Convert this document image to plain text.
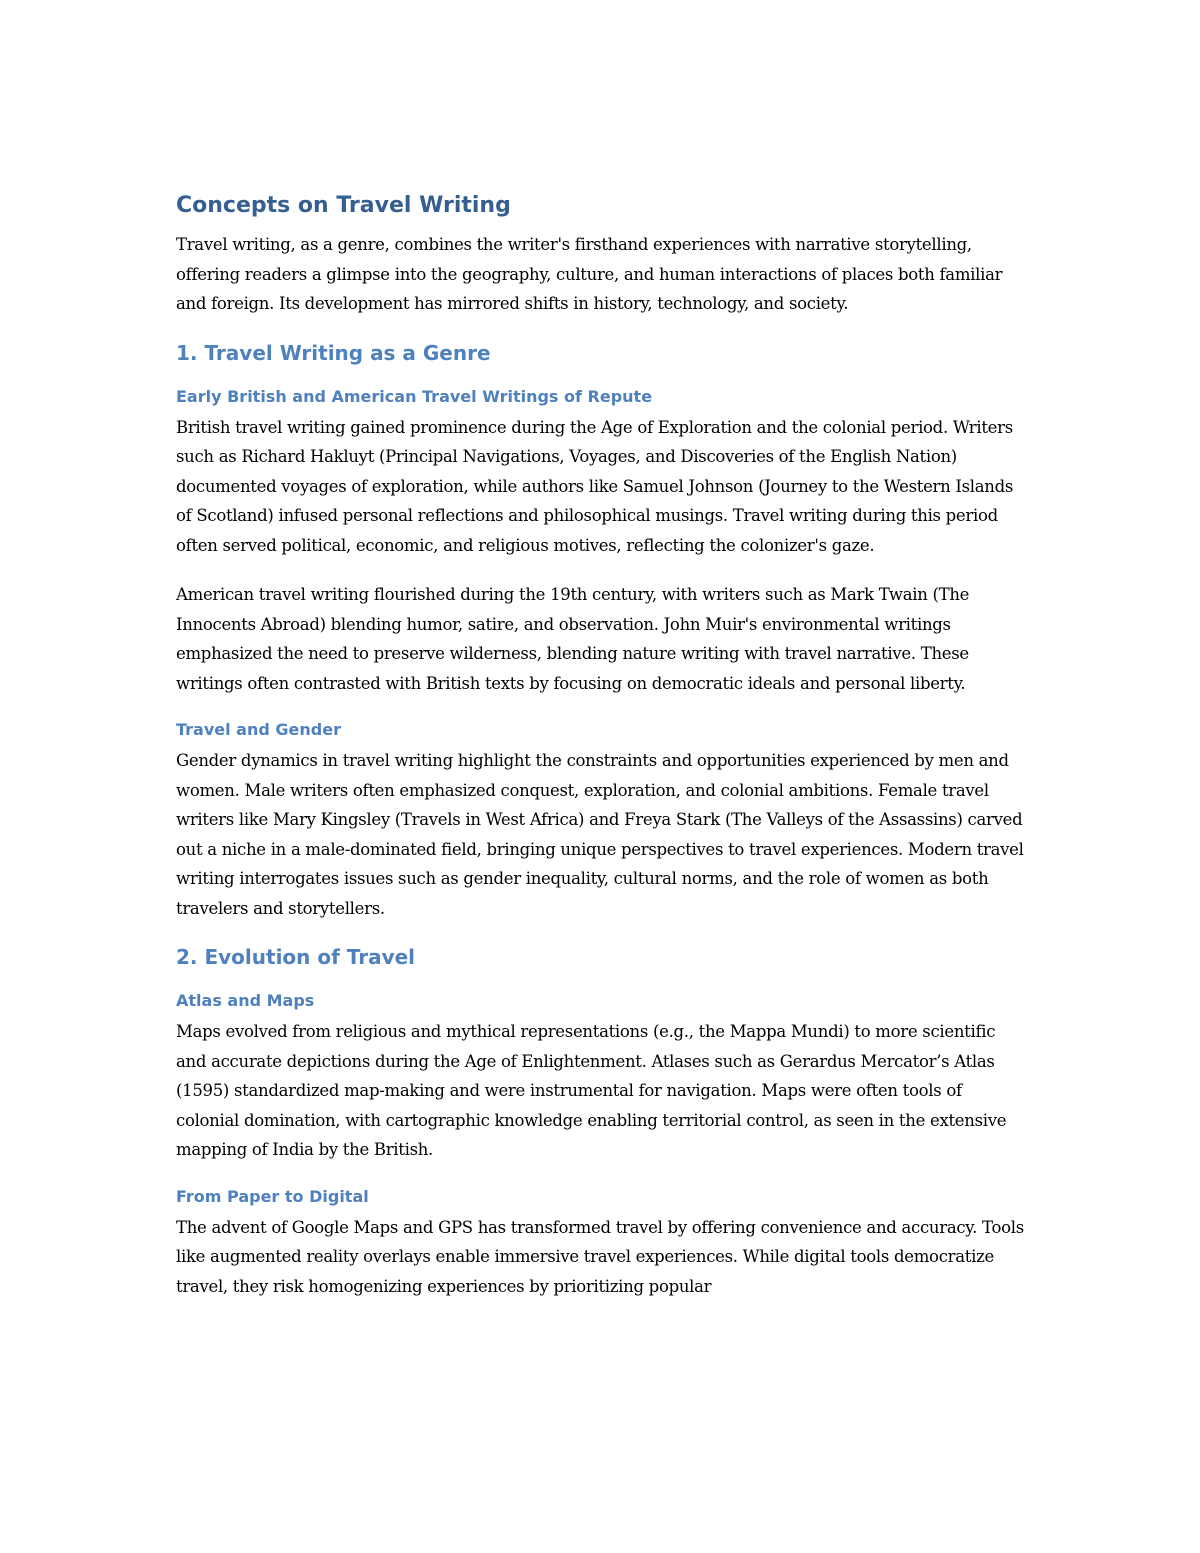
Concepts on Travel Writing

Travel writing, as a genre, combines the writer's firsthand experiences with narrative storytelling, offering readers a glimpse into the geography, culture, and human interactions of places both familiar and foreign. Its development has mirrored shifts in history, technology, and society.

1. Travel Writing as a Genre
Early British and American Travel Writings of Repute

British travel writing gained prominence during the Age of Exploration and the colonial period. Writers such as Richard Hakluyt (Principal Navigations, Voyages, and Discoveries of the English Nation) documented voyages of exploration, while authors like Samuel Johnson (Journey to the Western Islands of Scotland) infused personal reflections and philosophical musings. Travel writing during this period often served political, economic, and religious motives, reflecting the colonizer's gaze.

American travel writing flourished during the 19th century, with writers such as Mark Twain (The Innocents Abroad) blending humor, satire, and observation. John Muir's environmental writings emphasized the need to preserve wilderness, blending nature writing with travel narrative. These writings often contrasted with British texts by focusing on democratic ideals and personal liberty.

Travel and Gender

Gender dynamics in travel writing highlight the constraints and opportunities experienced by men and women. Male writers often emphasized conquest, exploration, and colonial ambitions. Female travel writers like Mary Kingsley (Travels in West Africa) and Freya Stark (The Valleys of the Assassins) carved out a niche in a male-dominated field, bringing unique perspectives to travel experiences. Modern travel writing interrogates issues such as gender inequality, cultural norms, and the role of women as both travelers and storytellers.

2. Evolution of Travel
Atlas and Maps

Maps evolved from religious and mythical representations (e.g., the Mappa Mundi) to more scientific and accurate depictions during the Age of Enlightenment. Atlases such as Gerardus Mercator’s Atlas (1595) standardized map-making and were instrumental for navigation. Maps were often tools of colonial domination, with cartographic knowledge enabling territorial control, as seen in the extensive mapping of India by the British.

From Paper to Digital

The advent of Google Maps and GPS has transformed travel by offering convenience and accuracy. Tools like augmented reality overlays enable immersive travel experiences. While digital tools democratize travel, they risk homogenizing experiences by prioritizing popular
